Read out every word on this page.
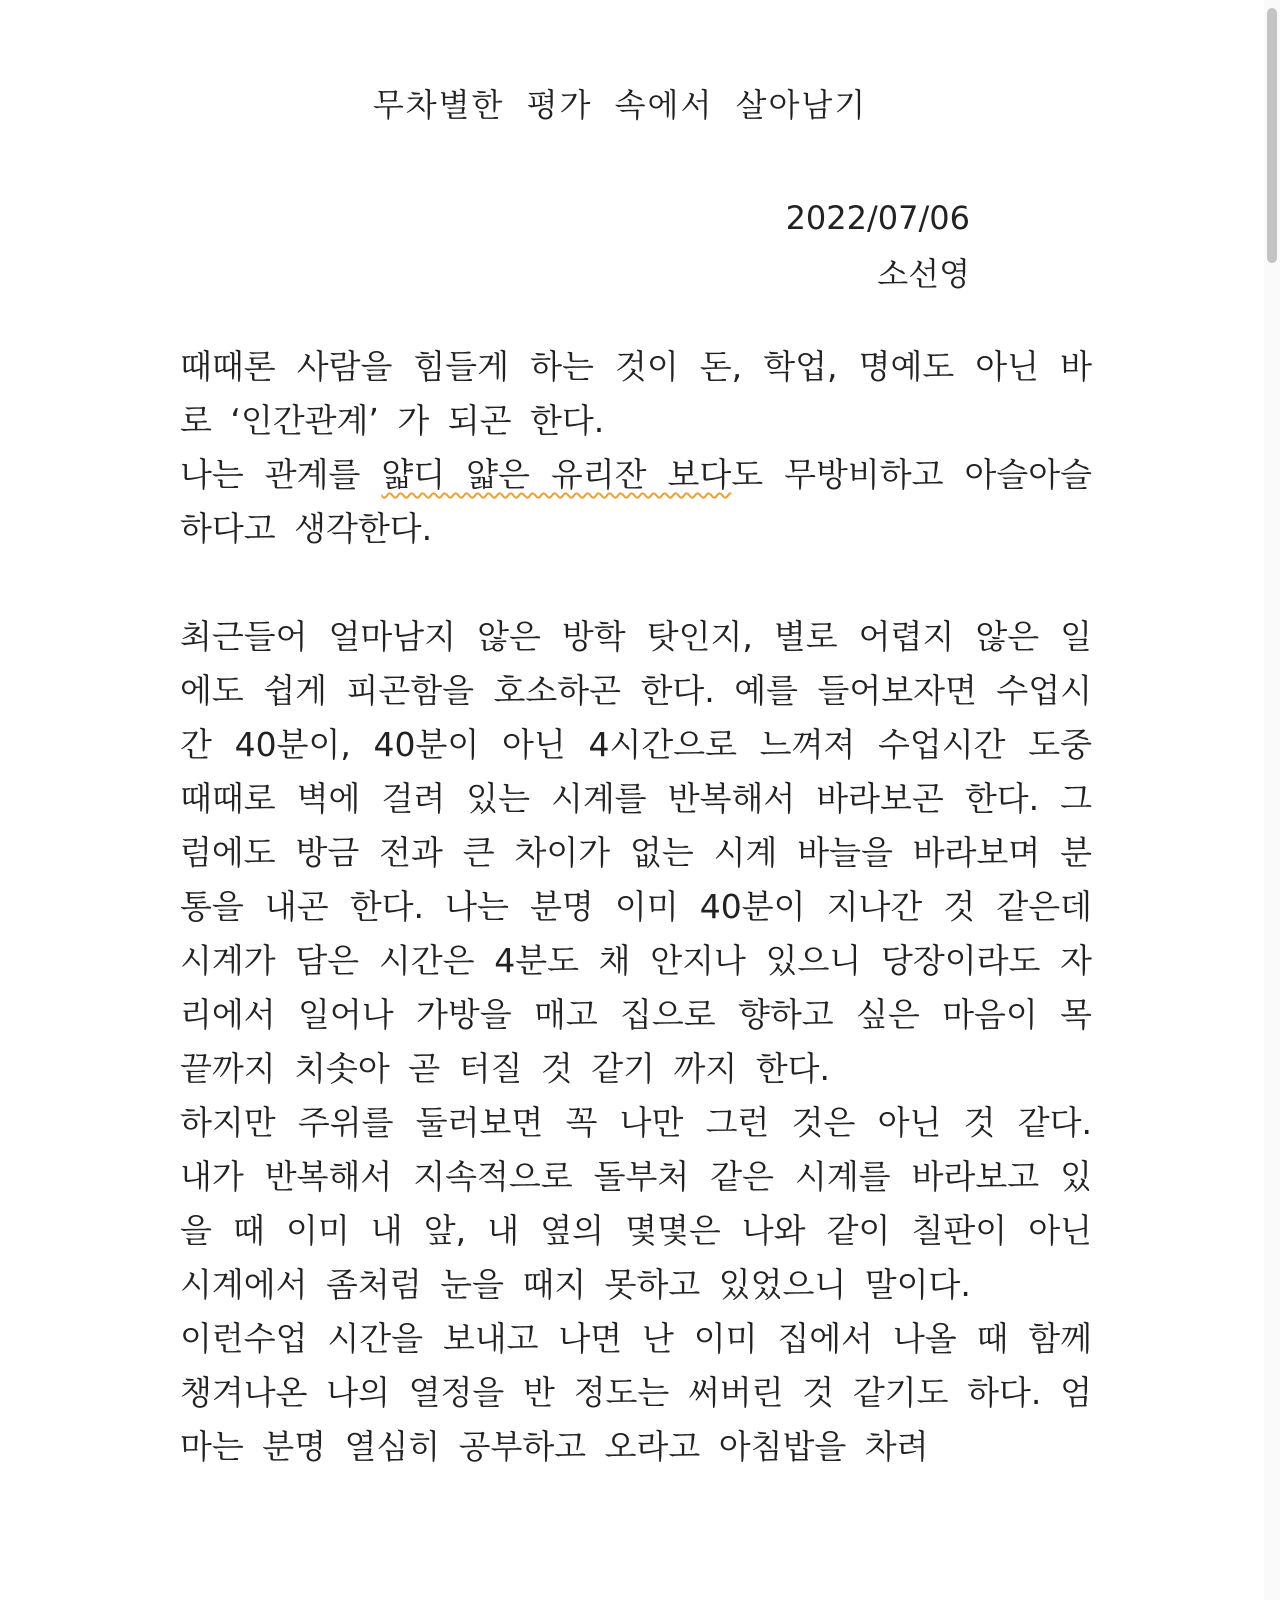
무차별한 평가 속에서 살아남기
2022/07/06
소선영

때때론 사람을 힘들게 하는 것이 돈, 학업, 명예도 아닌 바로 ‘인간관계’ 가 되곤 한다.

나는 관계를 얇디 얇은 유리잔 보다도 무방비하고 아슬아슬 하다고 생각한다.

최근들어 얼마남지 않은 방학 탓인지, 별로 어렵지 않은 일에도 쉽게 피곤함을 호소하곤 한다. 예를 들어보자면 수업시간 40분이, 40분이 아닌 4시간으로 느껴져 수업시간 도중 때때로 벽에 걸려 있는 시계를 반복해서 바라보곤 한다. 그럼에도 방금 전과 큰 차이가 없는 시계 바늘을 바라보며 분통을 내곤 한다. 나는 분명 이미 40분이 지나간 것 같은데 시계가 담은 시간은 4분도 채 안지나 있으니 당장이라도 자리에서 일어나 가방을 매고 집으로 향하고 싶은 마음이 목 끝까지 치솟아 곧 터질 것 같기 까지 한다.

하지만 주위를 둘러보면 꼭 나만 그런 것은 아닌 것 같다. 내가 반복해서 지속적으로 돌부처 같은 시계를 바라보고 있을 때 이미 내 앞, 내 옆의 몇몇은 나와 같이 칠판이 아닌 시계에서 좀처럼 눈을 때지 못하고 있었으니 말이다.

이런수업 시간을 보내고 나면 난 이미 집에서 나올 때 함께 챙겨나온 나의 열정을 반 정도는 써버린 것 같기도 하다. 엄마는 분명 열심히 공부하고 오라고 아침밥을 차려
